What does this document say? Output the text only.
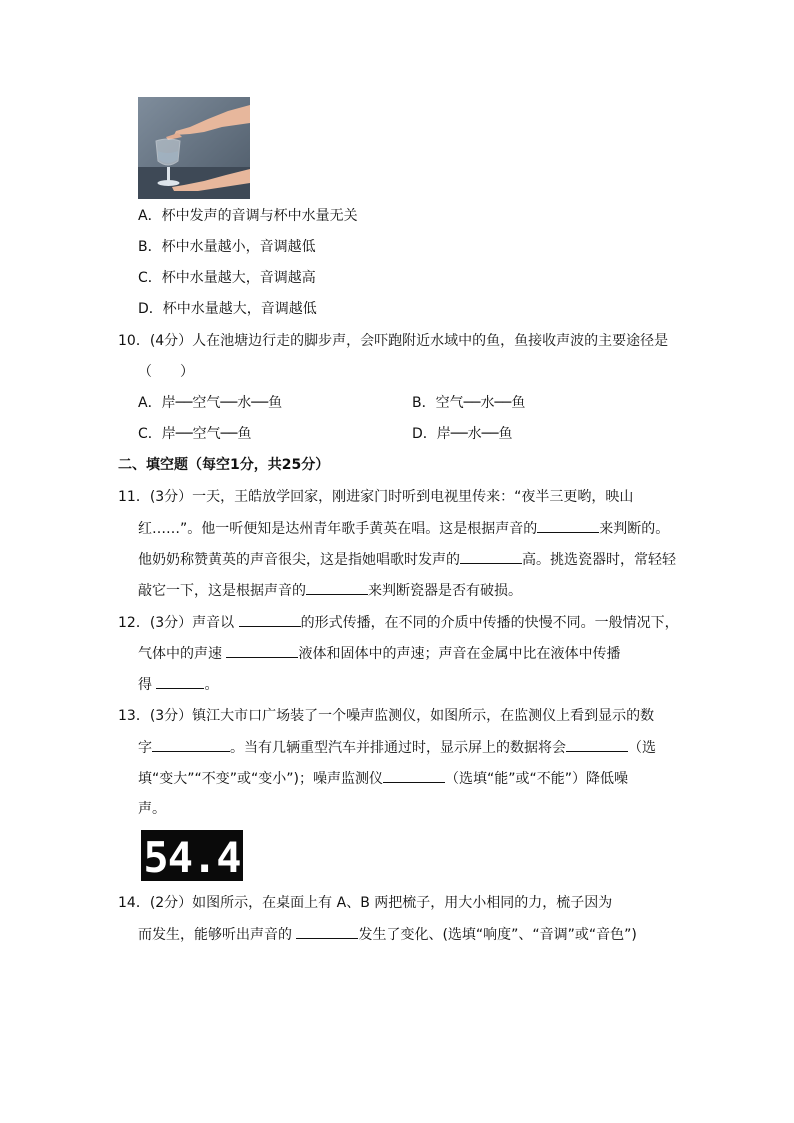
A．杯中发声的音调与杯中水量无关
B．杯中水量越小，音调越低
C．杯中水量越大，音调越高
D．杯中水量越大，音调越低
10．(4分）人在池塘边行走的脚步声，会吓跑附近水域中的鱼，鱼接收声波的主要途径是
（　　）
A．岸──空气──水──鱼	B．空气──水──鱼
C．岸──空气──鱼	D．岸──水──鱼
二、填空题（每空1分，共25分）
11．(3分）一天，王皓放学回家，刚进家门时听到电视里传来：“夜半三更哟，映山
红……”。他一听便知是达州青年歌手黄英在唱。这是根据声音的	来判断的。
他奶奶称赞黄英的声音很尖，这是指她唱歌时发声的	高。挑选瓷器时，常轻轻
敲它一下，这是根据声音的	来判断瓷器是否有破损。
12．(3分）声音以	的形式传播，在不同的介质中传播的快慢不同。一般情况下，
气体中的声速	液体和固体中的声速；声音在金属中比在液体中传播
得	。
13．(3分）镇江大市口广场装了一个噪声监测仪，如图所示，在监测仪上看到显示的数
字	。当有几辆重型汽车并排通过时，显示屏上的数据将会	（选
填“变大”“不变”或“变小”)；噪声监测仪	（选填“能”或“不能”）降低噪
声。
54.4
14．(2分）如图所示，在桌面上有 A、B 两把梳子，用大小相同的力，梳子因为
而发生，能够听出声音的	发生了变化、(选填“响度”、“音调”或“音色”)
